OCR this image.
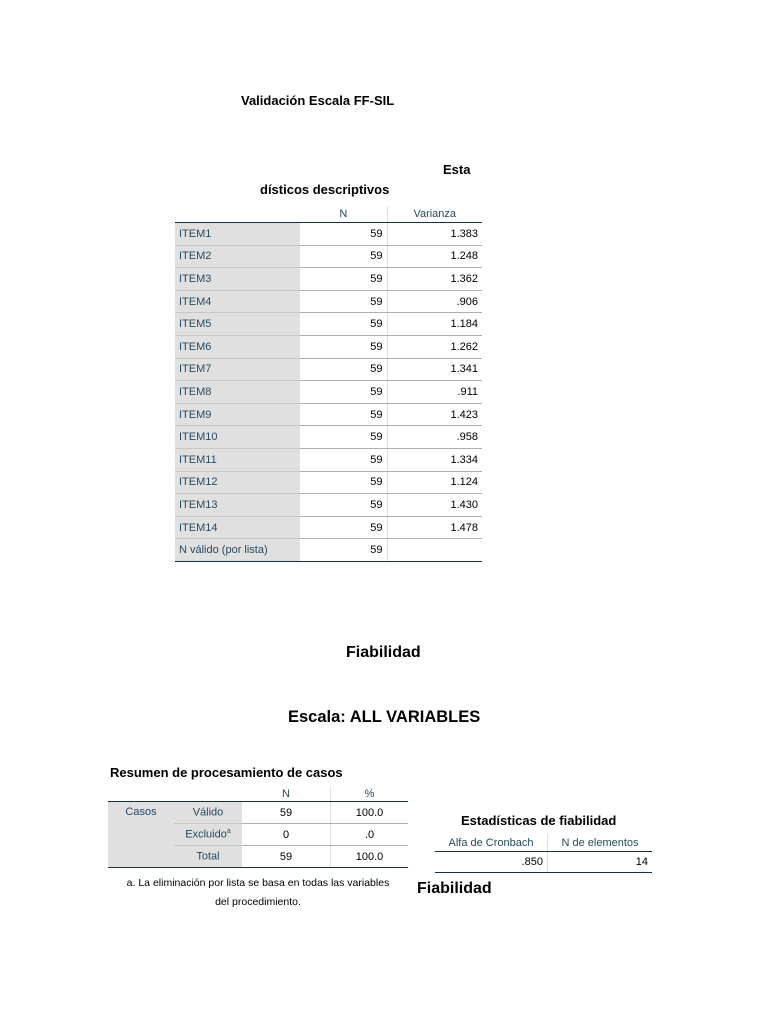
Validación Escala FF-SIL
Esta
dísticos descriptivos
	N	Varianza
ITEM1	59	1.383
ITEM2	59	1.248
ITEM3	59	1.362
ITEM4	59	.906
ITEM5	59	1.184
ITEM6	59	1.262
ITEM7	59	1.341
ITEM8	59	.911
ITEM9	59	1.423
ITEM10	59	.958
ITEM11	59	1.334
ITEM12	59	1.124
ITEM13	59	1.430
ITEM14	59	1.478
N válido (por lista)	59	
Fiabilidad
Escala: ALL VARIABLES
Resumen de procesamiento de casos
		N	%
Casos	Válido	59	100.0
	Excluido$^a$	0	.0
	Total	59	100.0
a. La eliminación por lista se basa en todas las variables
del procedimiento.
Estadísticas de fiabilidad
Alfa de Cronbach	N de elementos
.850	14
Fiabilidad
